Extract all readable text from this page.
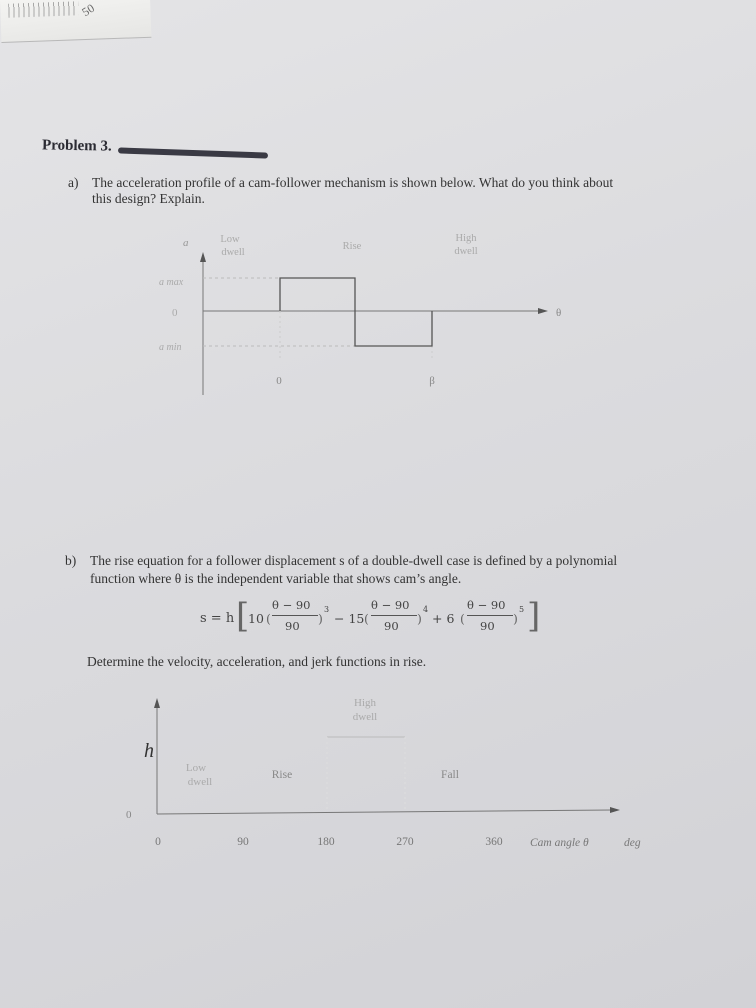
50
Problem 3.
a) The acceleration profile of a cam-follower mechanism is shown below. What do you think about
this design? Explain.
a
a max
0
a min
θ
Low
dwell
Rise
High
dwell
0	β
b) The rise equation for a follower displacement s of a double-dwell case is defined by a polynomial
function where θ is the independent variable that shows cam’s angle.
s = h [
10 (
θ − 90
90 )
3
− 15 (
θ − 90
90 )
4
+ 6 (
θ − 90
90 )
5 ]
Determine the velocity, acceleration, and jerk functions in rise.
h
0
High
dwell
Low
dwell
Rise	Fall
0	90	180	270	360 Cam angle θ	deg
